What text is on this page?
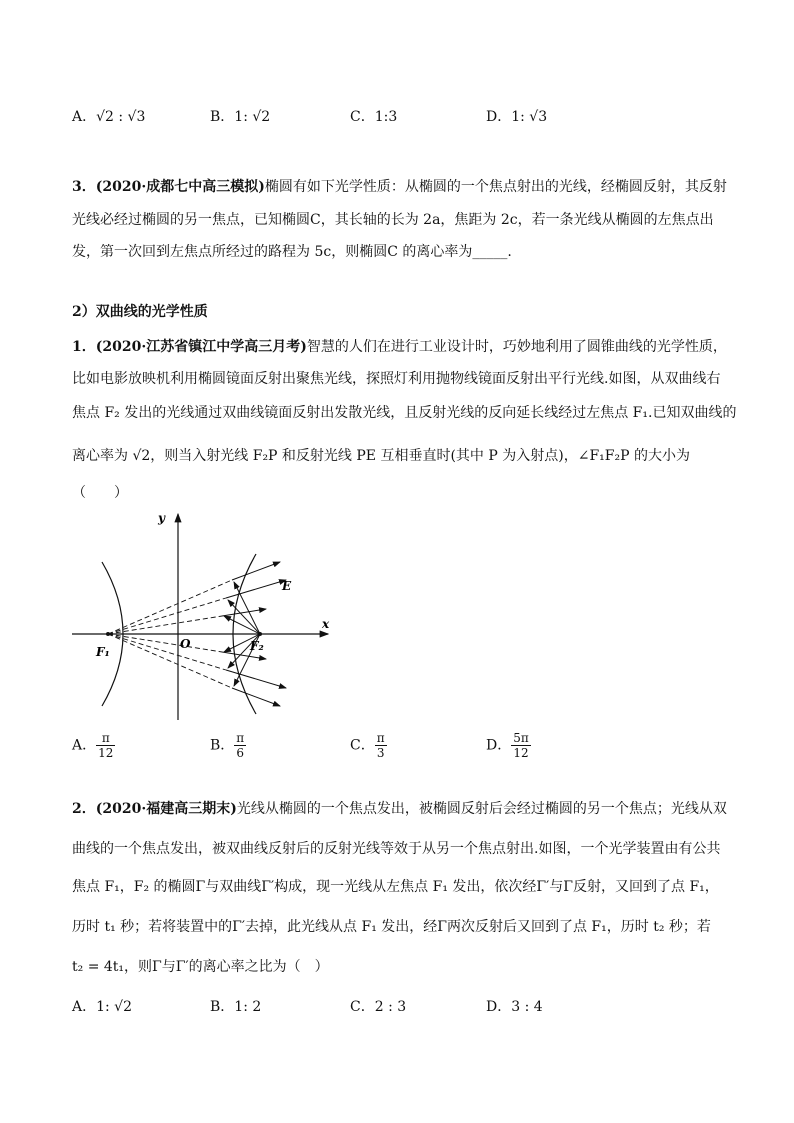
A．√2 : √3	B．1: √2	C．1:3	D．1: √3
3．(2020·成都七中高三模拟)椭圆有如下光学性质：从椭圆的一个焦点射出的光线，经椭圆反射，其反射
光线必经过椭圆的另一焦点，已知椭圆C，其长轴的长为 2a，焦距为 2c，若一条光线从椭圆的左焦点出
发，第一次回到左焦点所经过的路程为 5c，则椭圆C 的离心率为_____.
2）双曲线的光学性质
1．(2020·江苏省镇江中学高三月考)智慧的人们在进行工业设计时，巧妙地利用了圆锥曲线的光学性质，
比如电影放映机利用椭圆镜面反射出聚焦光线，探照灯利用抛物线镜面反射出平行光线.如图，从双曲线右
焦点 F₂ 发出的光线通过双曲线镜面反射出发散光线，且反射光线的反向延长线经过左焦点 F₁.已知双曲线的
离心率为 √2，则当入射光线 F₂P 和反射光线 PE 互相垂直时(其中 P 为入射点)，∠F₁F₂P 的大小为
（　　）
y
x
O
E
F₁	F₂
A． $\frac{\pi}{12}$	B． $\frac{\pi}{6}$	C． $\frac{\pi}{3}$	D． $\frac{5\pi}{12}$
2．(2020·福建高三期末)光线从椭圆的一个焦点发出，被椭圆反射后会经过椭圆的另一个焦点；光线从双
曲线的一个焦点发出，被双曲线反射后的反射光线等效于从另一个焦点射出.如图，一个光学装置由有公共
焦点 F₁，F₂ 的椭圆Γ与双曲线Γ′构成，现一光线从左焦点 F₁ 发出，依次经Γ′与Γ反射，又回到了点 F₁，
历时 t₁ 秒；若将装置中的Γ′去掉，此光线从点 F₁ 发出，经Γ两次反射后又回到了点 F₁，历时 t₂ 秒；若
t₂ = 4t₁，则Γ与Γ′的离心率之比为（　）
A．1: √2	B．1: 2	C．2 : 3	D．3 : 4
